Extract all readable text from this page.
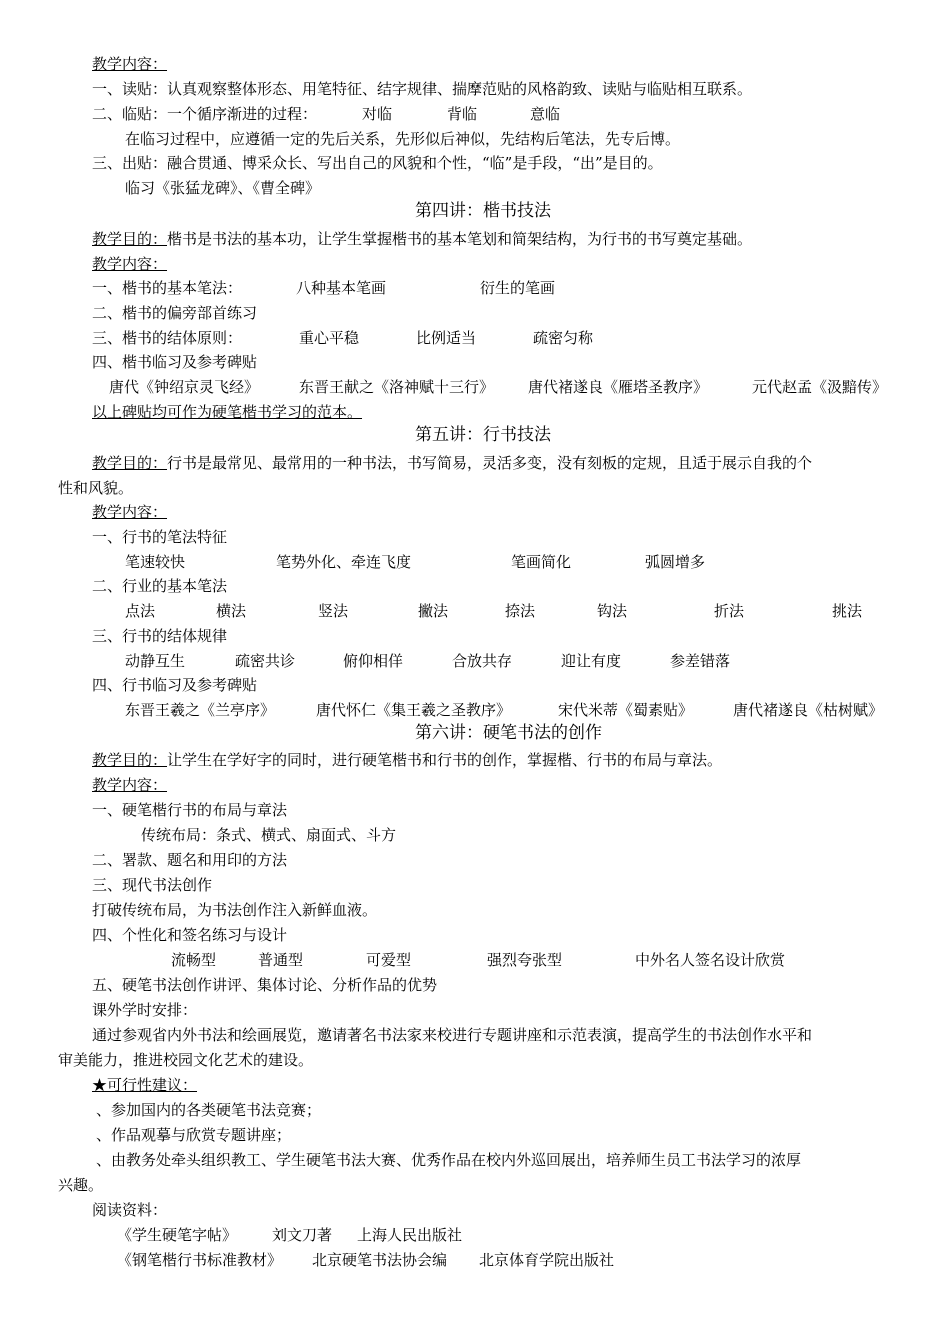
教学内容：
一、读贴：认真观察整体形态、用笔特征、结字规律、揣摩范贴的风格韵致、读贴与临贴相互联系。
二、临贴：一个循序渐进的过程：	对临	背临	意临
在临习过程中，应遵循一定的先后关系，先形似后神似，先结构后笔法，先专后博。
三、出贴：融合贯通、博采众长、写出自己的风貌和个性，“临”是手段，“出”是目的。
临习《张猛龙碑》、《曹全碑》
第四讲：楷书技法
教学目的：楷书是书法的基本功，让学生掌握楷书的基本笔划和简架结构，为行书的书写奠定基础。
教学内容：
一、楷书的基本笔法：	八种基本笔画	衍生的笔画
二、楷书的偏旁部首练习
三、楷书的结体原则：	重心平稳	比例适当	疏密匀称
四、楷书临习及参考碑贴
唐代《钟绍京灵飞经》	东晋王献之《洛神赋十三行》 唐代褚遂良《雁塔圣教序》	元代赵孟《汲黯传》
以上碑贴均可作为硬笔楷书学习的范本。
第五讲：行书技法
教学目的：行书是最常见、最常用的一种书法，书写简易，灵活多变，没有刻板的定规，且适于展示自我的个
性和风貌。
教学内容：
一、行书的笔法特征
笔速较快	笔势外化、牵连飞度	笔画简化	弧圆增多
二、行业的基本笔法
点法	横法	竖法	撇法	捺法	钩法	折法	挑法
三、行书的结体规律
动静互生	疏密共诊	俯仰相佯	合放共存	迎让有度	参差错落
四、行书临习及参考碑贴
东晋王羲之《兰亭序》	唐代怀仁《集王羲之圣教序》	宋代米蒂《蜀素贴》	唐代褚遂良《枯树赋》
第六讲：硬笔书法的创作
教学目的：让学生在学好字的同时，进行硬笔楷书和行书的创作，掌握楷、行书的布局与章法。
教学内容：
一、硬笔楷行书的布局与章法
传统布局：条式、横式、扇面式、斗方
二、署款、题名和用印的方法
三、现代书法创作
打破传统布局，为书法创作注入新鲜血液。
四、个性化和签名练习与设计
流畅型	普通型	可爱型	强烈夸张型	中外名人签名设计欣赏
五、硬笔书法创作讲评、集体讨论、分析作品的优势
课外学时安排：
通过参观省内外书法和绘画展览，邀请著名书法家来校进行专题讲座和示范表演，提高学生的书法创作水平和
审美能力，推进校园文化艺术的建设。
★可行性建议：
、参加国内的各类硬笔书法竞赛；
、作品观摹与欣赏专题讲座；
、由教务处牵头组织教工、学生硬笔书法大赛、优秀作品在校内外巡回展出，培养师生员工书法学习的浓厚
兴趣。
阅读资料：
《学生硬笔字帖》 刘文刀著 上海人民出版社
《钢笔楷行书标准教材》 北京硬笔书法协会编 北京体育学院出版社
